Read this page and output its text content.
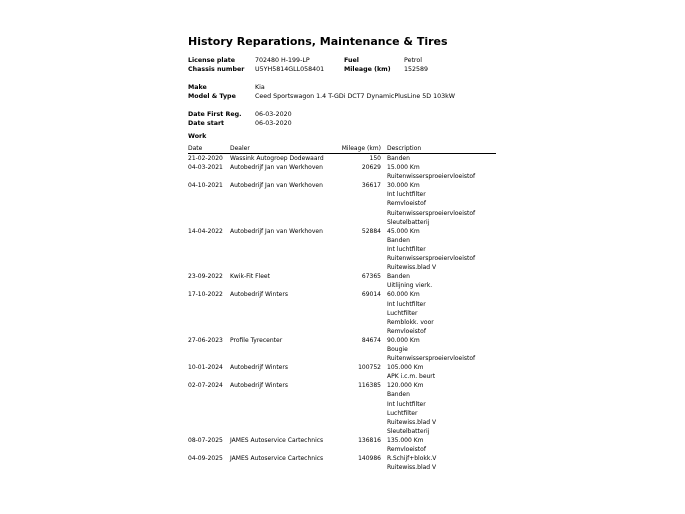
History Reparations, Maintenance & Tires
License plate	702480 H-199-LP	Fuel	Petrol
Chassis number U5YH5814GLL058401	Mileage (km) 152589
Make	Kia
Model & Type	Ceed Sportswagon 1.4 T-GDi DCT7 DynamicPlusLine 5D 103kW
Date First Reg. 06-03-2020
Date start	06-03-2020
Work
Date	Dealer	Mileage (km)	Description
21-02-2020	Wassink Autogroep Dodewaard	150 Banden
04-03-2021	Autobedrijf Jan van Werkhoven	20629 15.000 Km
Ruitenwissersproeiervloeistof
04-10-2021	Autobedrijf Jan van Werkhoven	36617 30.000 Km
Int luchtfilter
Remvloeistof
Ruitenwissersproeiervloeistof
Sleutelbatterij
14-04-2022	Autobedrijf Jan van Werkhoven	52884 45.000 Km
Banden
Int luchtfilter
Ruitenwissersproeiervloeistof
Ruitewiss.blad V
23-09-2022	Kwik-Fit Fleet	67365 Banden
Uitlijning vierk.
17-10-2022	Autobedrijf Winters	69014 60.000 Km
Int luchtfilter
Luchtfilter
Remblokk. voor
Remvloeistof
27-06-2023	Profile Tyrecenter	84674 90.000 Km
Bougie
Ruitenwissersproeiervloeistof
10-01-2024	Autobedrijf Winters	100752 105.000 Km
APK i.c.m. beurt
02-07-2024	Autobedrijf Winters	116385 120.000 Km
Banden
Int luchtfilter
Luchtfilter
Ruitewiss.blad V
Sleutelbatterij
08-07-2025	JAMES Autoservice Cartechnics	136816 135.000 Km
Remvloeistof
04-09-2025	JAMES Autoservice Cartechnics	140986 R.Schijf+blokk.V
Ruitewiss.blad V
